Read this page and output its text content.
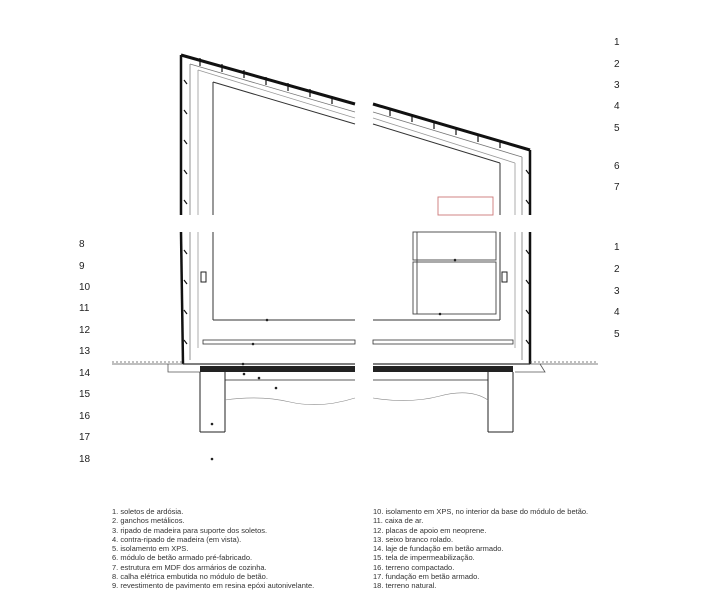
1
2
3
4
5
6
7
1
2
3
4
5
8
9
10
11
12
13
14
15
16
17
18
1. soletos de ardósia.
2. ganchos metálicos.
3. ripado de madeira para suporte dos soletos.
4. contra-ripado de madeira (em vista).
5. isolamento em XPS.
6. módulo de betão armado pré-fabricado.
7. estrutura em MDF dos armários de cozinha.
8. calha elétrica embutida no módulo de betão.
9. revestimento de pavimento em resina epóxi autonivelante.
10. isolamento em XPS, no interior da base do módulo de betão.
11. caixa de ar.
12. placas de apoio em neoprene.
13. seixo branco rolado.
14. laje de fundação em betão armado.
15. tela de impermeabilização.
16. terreno compactado.
17. fundação em betão armado.
18. terreno natural.
